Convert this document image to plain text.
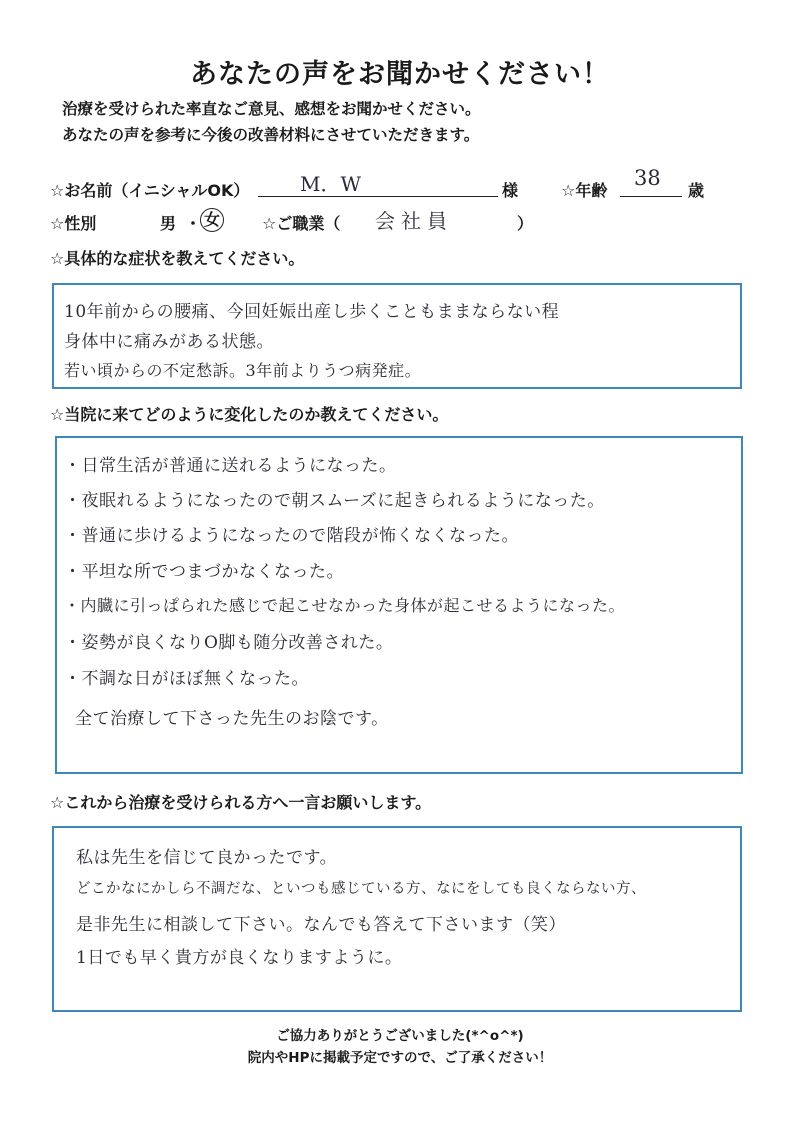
あなたの声をお聞かせください！
治療を受けられた率直なご意見、感想をお聞かせください。
あなたの声を参考に今後の改善材料にさせていただきます。
☆お名前（イニシャルOK）	M．W	様	☆年齢
38
歳
☆性別	男 ・ 女	☆ご職業（ 会社員	）
☆具体的な症状を教えてください。
10年前からの腰痛、今回妊娠出産し歩くこともままならない程
身体中に痛みがある状態。
若い頃からの不定愁訴。3年前よりうつ病発症。
☆当院に来てどのように変化したのか教えてください。
・日常生活が普通に送れるようになった。
・夜眠れるようになったので朝スムーズに起きられるようになった。
・普通に歩けるようになったので階段が怖くなくなった。
・平坦な所でつまづかなくなった。
・内臓に引っぱられた感じで起こせなかった身体が起こせるようになった。
・姿勢が良くなりO脚も随分改善された。
・不調な日がほぼ無くなった。
全て治療して下さった先生のお陰です。
☆これから治療を受けられる方へ一言お願いします。
私は先生を信じて良かったです。
どこかなにかしら不調だな、といつも感じている方、なにをしても良くならない方、
是非先生に相談して下さい。なんでも答えて下さいます（笑）
1日でも早く貴方が良くなりますように。
ご協力ありがとうございました(*^o^*)
院内やHPに掲載予定ですので、ご了承ください！
